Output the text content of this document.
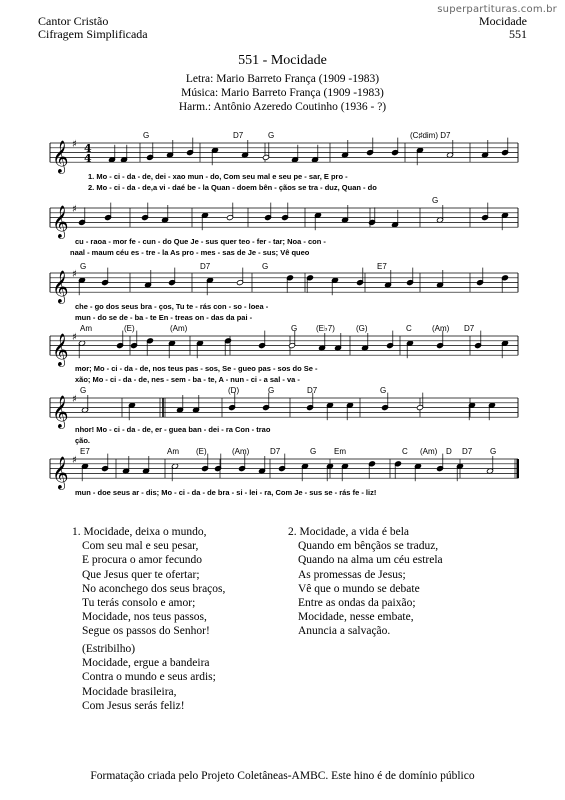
Cantor Cristão
Cifragem Simplificada
Mocidade
551
superpartituras.com.br
551 - Mocidade
Letra: Mario Barreto França (1909 -1983)
Música: Mario Barreto França (1909 -1983)
Harm.: Antônio Azeredo Coutinho (1936 - ?)
𝄞 ♯ 4
4
𝄞 ♯
𝄞 ♯
𝄞 ♯
𝄞 ♯
𝄞 ♯
G	D7	G	(C♯dim) D7
G
G	D7	G	E7
Am	(E)	(Am)	G (E♭7)	(G)	C	(Am) D7
G	(D)	G	D7	G
E7	Am (E)	(Am)	D7	G Em	C (Am) D D7 G
1. Mo - ci - da - de, dei - xao mun - do, Com seu mal e seu pe - sar, E pro -
2. Mo - ci - da - de,a vi - daé be - la Quan - doem bên - çãos se tra - duz, Quan - do
cu - raoa - mor fe - cun - do Que Je - sus quer teo - fer - tar; Noa - con -
naal - maum céu es - tre - la As pro - mes - sas de Je - sus; Vê queo
che - go dos seus bra - ços, Tu te - rás con - so - loea -
mun - do se de - ba - te En - treas on - das da pai -
mor; Mo - ci - da - de, nos teus pas - sos, Se - gueo pas - sos do Se -
xão; Mo - ci - da - de, nes - sem - ba - te, A - nun - ci - a sal - va -
nhor! Mo - ci - da - de, er - guea ban - dei - ra Con - trao
ção.
mun - doe seus ar - dis; Mo - ci - da - de bra - si - lei - ra, Com Je - sus se - rás fe - liz!
1. Mocidade, deixa o mundo,
Com seu mal e seu pesar,
E procura o amor fecundo
Que Jesus quer te ofertar;
No aconchego dos seus braços,
Tu terás consolo e amor;
Mocidade, nos teus passos,
Segue os passos do Senhor!
2. Mocidade, a vida é bela
Quando em bênçãos se traduz,
Quando na alma um céu estrela
As promessas de Jesus;
Vê que o mundo se debate
Entre as ondas da paixão;
Mocidade, nesse embate,
Anuncia a salvação.
(Estribilho)
Mocidade, ergue a bandeira
Contra o mundo e seus ardis;
Mocidade brasileira,
Com Jesus serás feliz!
Formatação criada pelo Projeto Coletâneas-AMBC. Este hino é de domínio público
